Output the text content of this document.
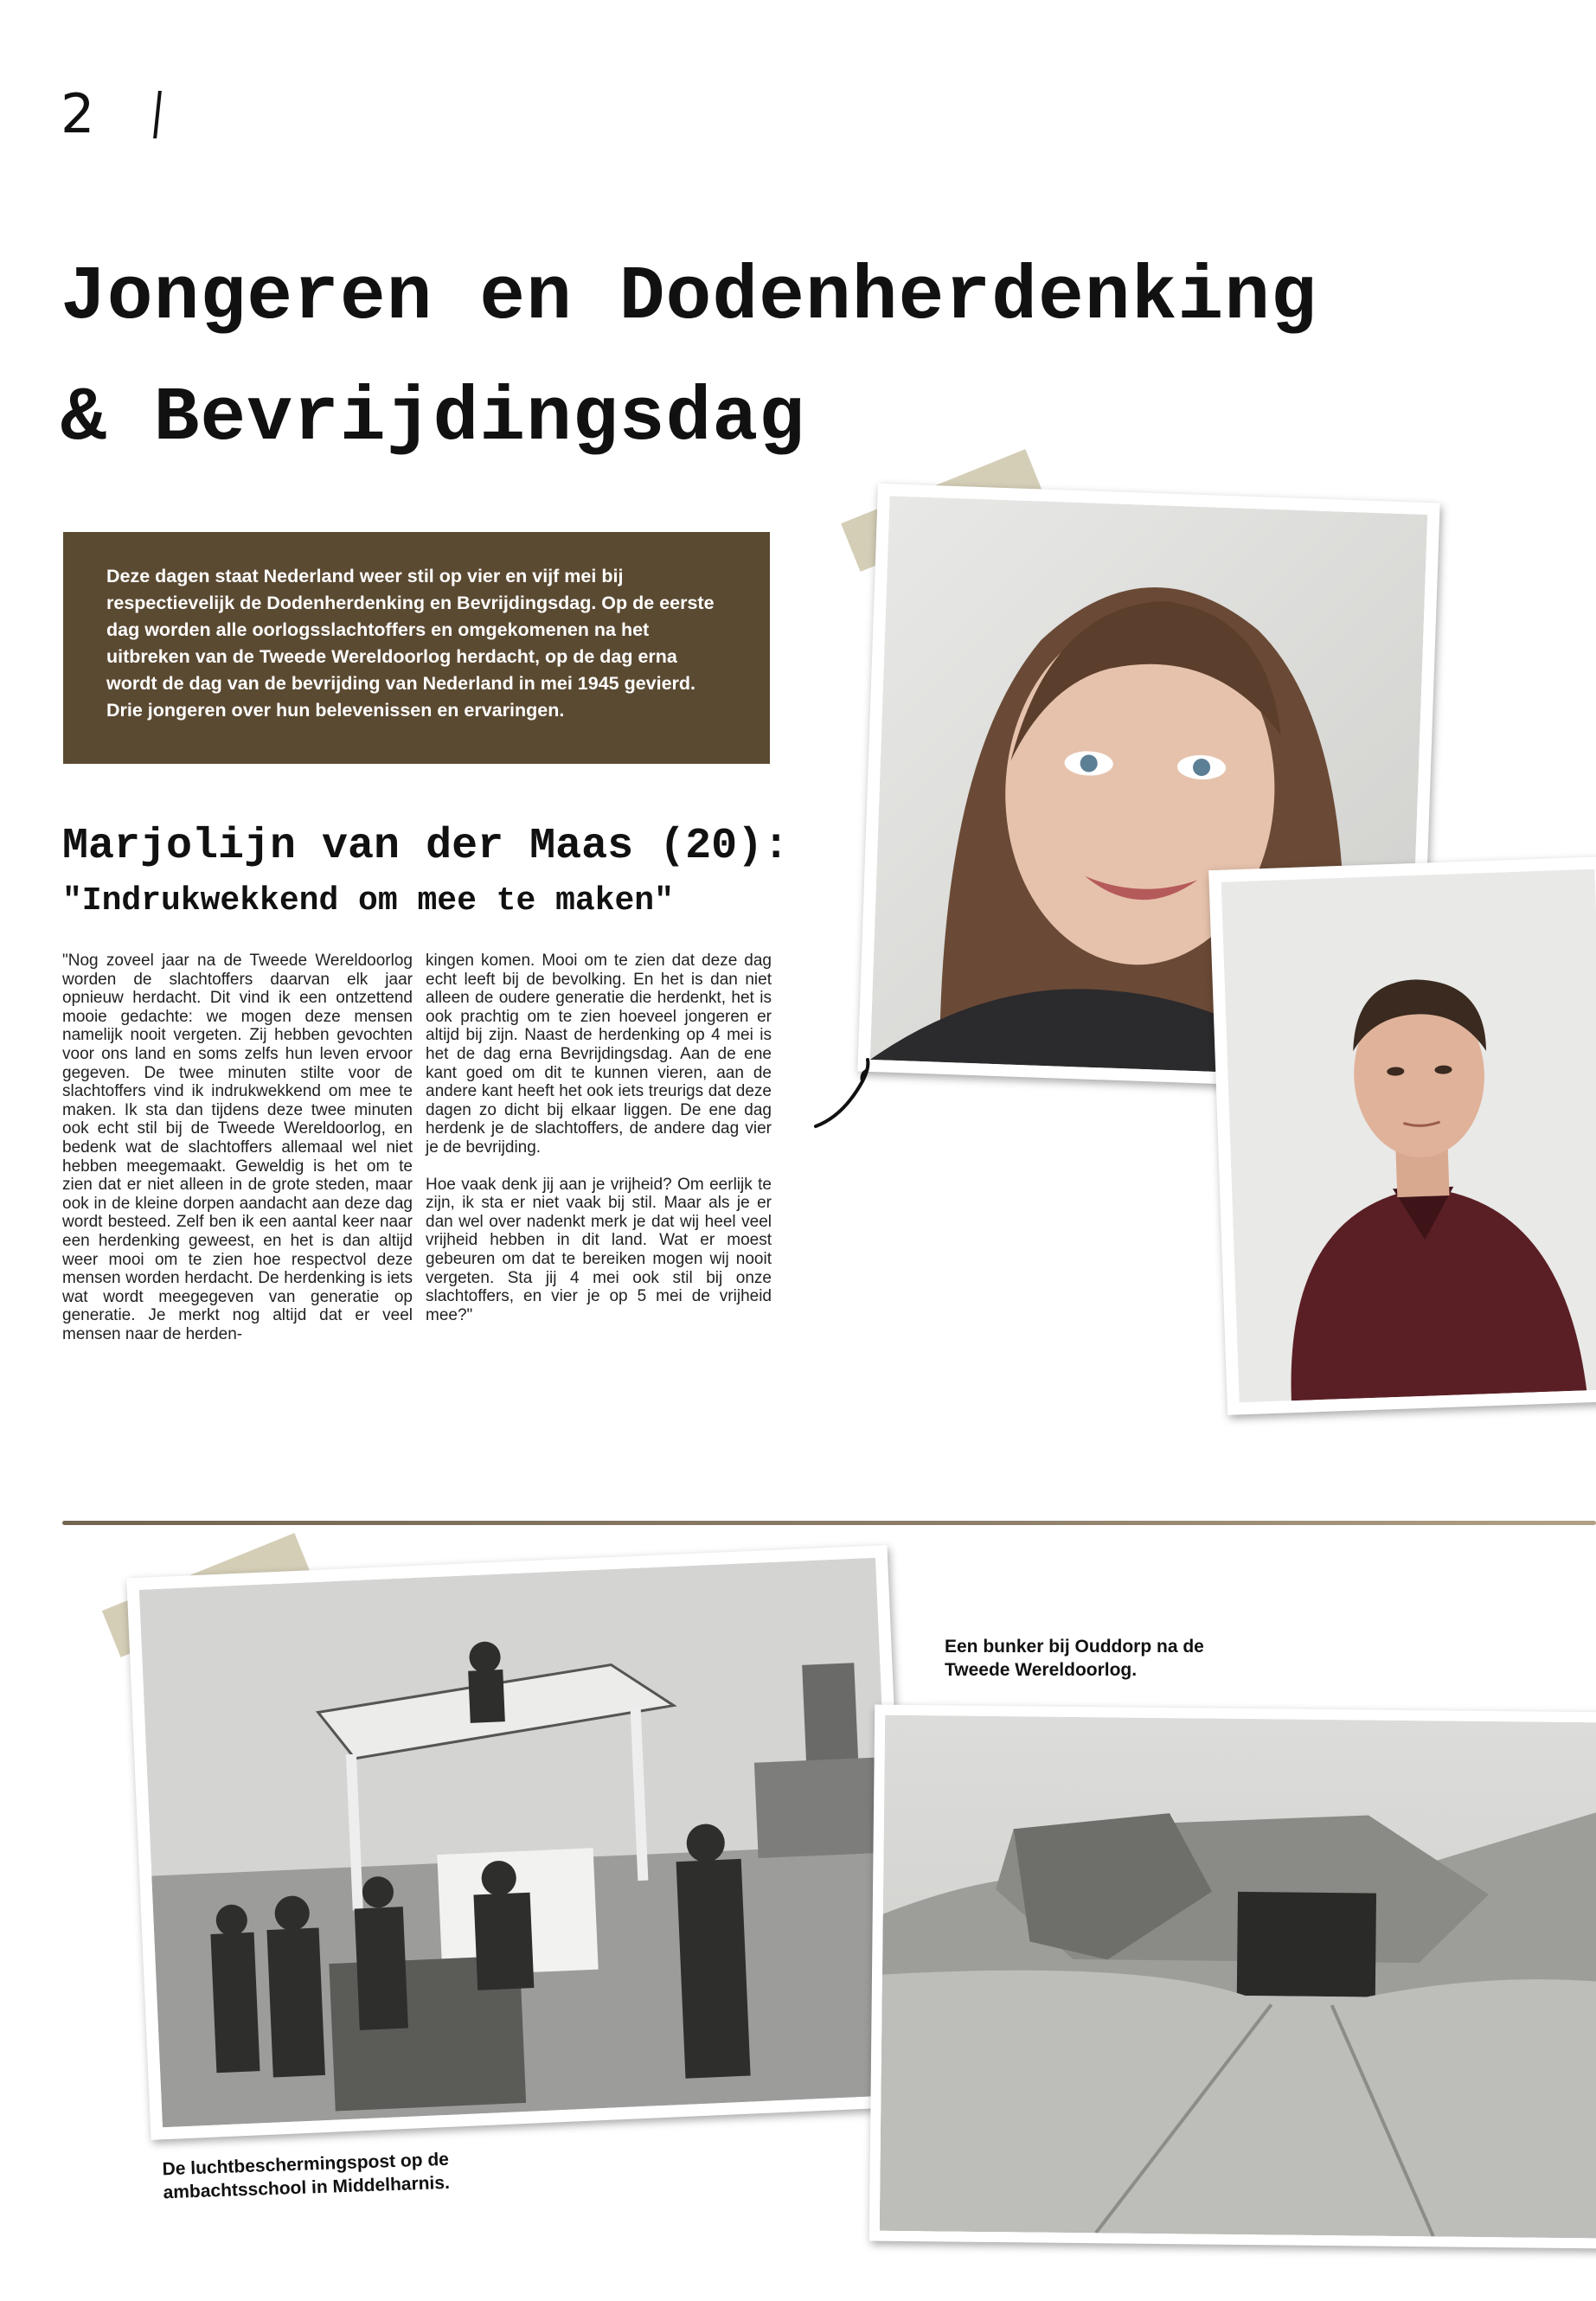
2
Jongeren en Dodenherdenking
& Bevrijdingsdag
Deze dagen staat Nederland weer stil op vier en vijf mei bij respectievelijk de Dodenherdenking en Bevrijdingsdag. Op de eerste dag worden alle oorlogsslachtoffers en omgekomenen na het uitbreken van de Tweede Wereldoorlog herdacht, op de dag erna wordt de dag van de bevrijding van Nederland in mei 1945 gevierd. Drie jongeren over hun belevenissen en ervaringen.
Marjolijn van der Maas (20):
"Indrukwekkend om mee te maken"

"Nog zoveel jaar na de Tweede Wereldoorlog worden de slachtoffers daarvan elk jaar opnieuw herdacht. Dit vind ik een ontzettend mooie gedachte: we mogen deze mensen namelijk nooit vergeten. Zij hebben gevochten voor ons land en soms zelfs hun leven ervoor gegeven. De twee minuten stilte voor de slachtoffers vind ik indrukwekkend om mee te maken. Ik sta dan tijdens deze twee minuten ook echt stil bij de Tweede Wereldoorlog, en bedenk wat de slachtoffers allemaal wel niet hebben meegemaakt. Geweldig is het om te zien dat er niet alleen in de grote steden, maar ook in de kleine dorpen aandacht aan deze dag wordt besteed. Zelf ben ik een aantal keer naar een herdenking geweest, en het is dan altijd weer mooi om te zien hoe respectvol deze mensen worden herdacht. De herdenking is iets wat wordt meegegeven van generatie op generatie. Je merkt nog altijd dat er veel mensen naar de herden-

kingen komen. Mooi om te zien dat deze dag echt leeft bij de bevolking. En het is dan niet alleen de oudere generatie die herdenkt, het is ook prachtig om te zien hoeveel jongeren er altijd bij zijn. Naast de herdenking op 4 mei is het de dag erna Bevrijdingsdag. Aan de ene kant goed om dit te kunnen vieren, aan de andere kant heeft het ook iets treurigs dat deze dagen zo dicht bij elkaar liggen. De ene dag herdenk je de slachtoffers, de andere dag vier je de bevrijding.

Hoe vaak denk jij aan je vrijheid? Om eerlijk te zijn, ik sta er niet vaak bij stil. Maar als je er dan wel over nadenkt merk je dat wij heel veel vrijheid hebben in dit land. Wat er moest gebeuren om dat te bereiken mogen wij nooit vergeten. Sta jij 4 mei ook stil bij onze slachtoffers, en vier je op 5 mei de vrijheid mee?"

Een bunker bij Ouddorp na de Tweede Wereldoorlog.
De luchtbeschermingspost op de ambachtsschool in Middelharnis.
